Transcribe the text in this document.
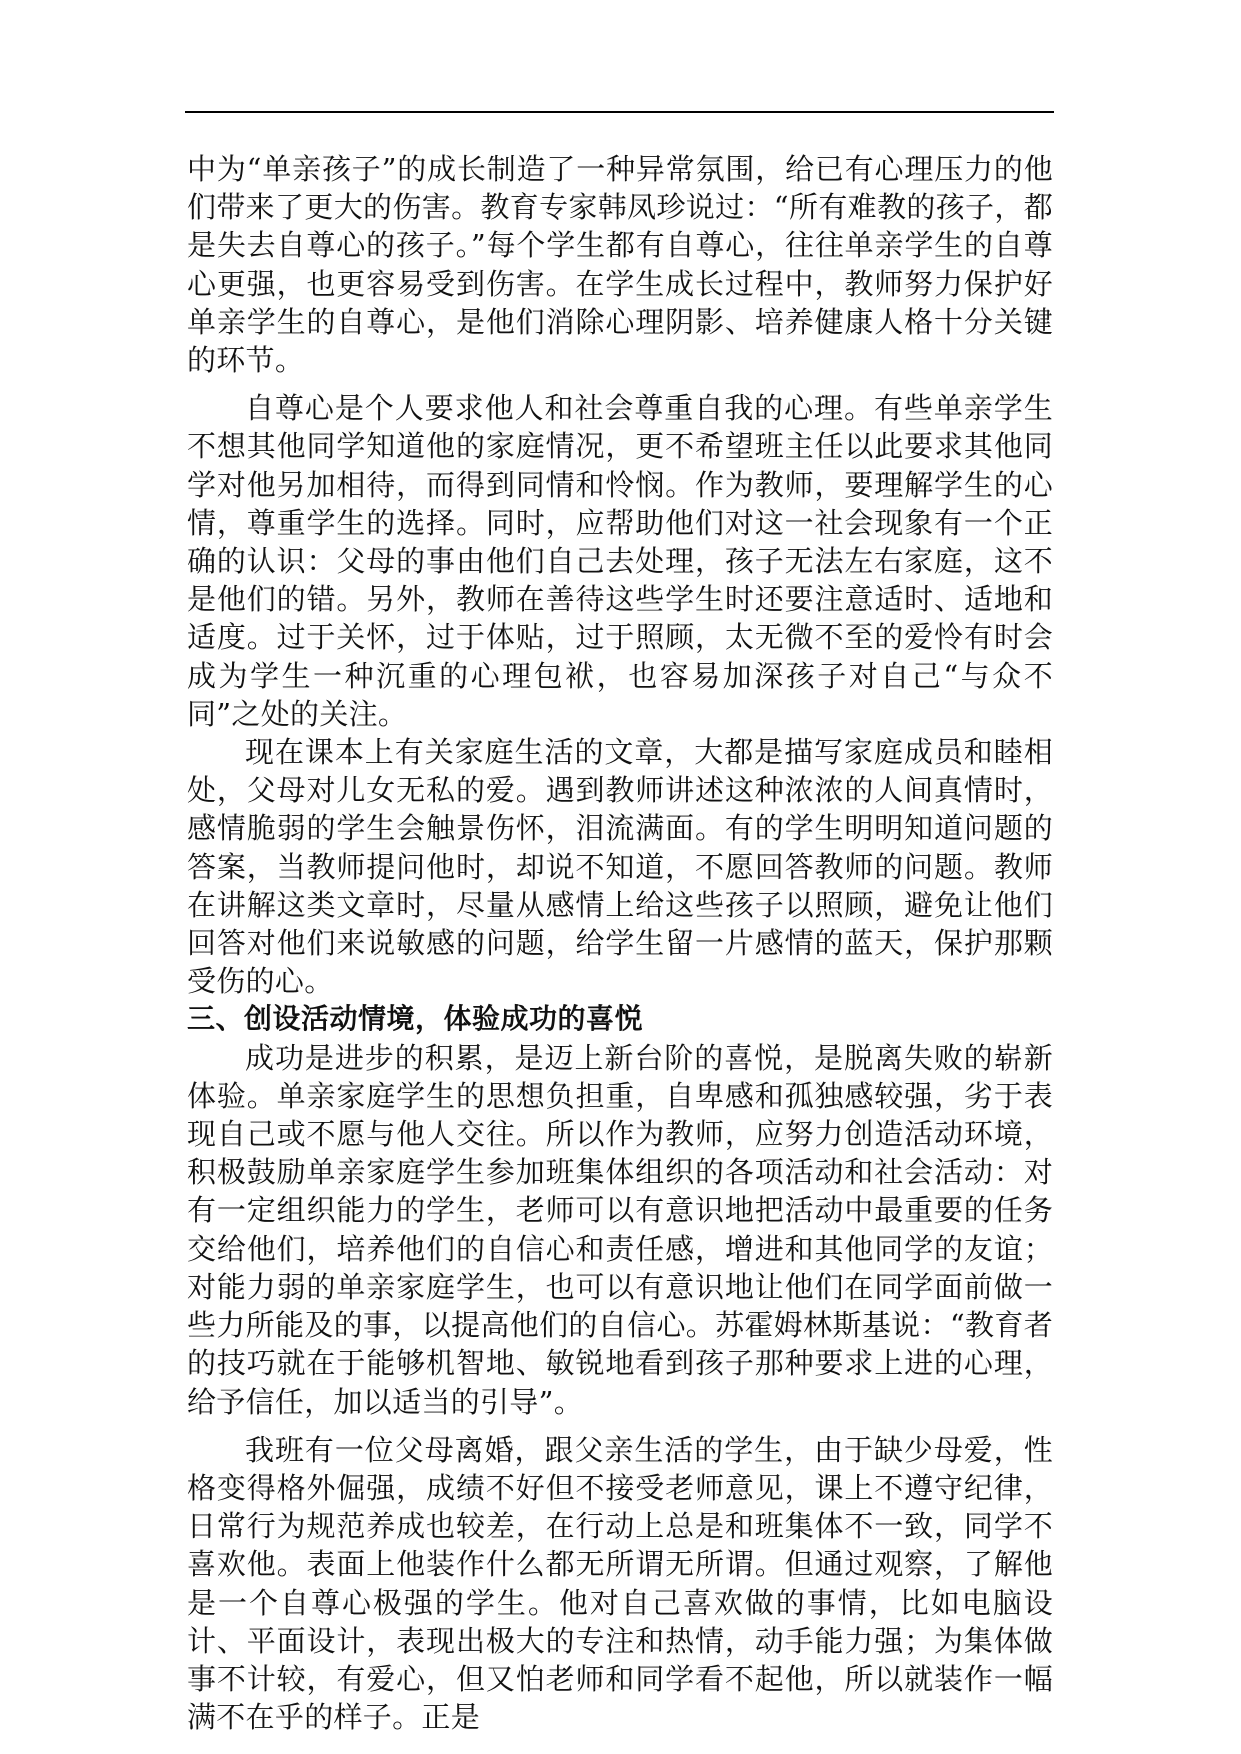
中为“单亲孩子”的成长制造了一种异常氛围，给已有心理压力的他们带来了更大的伤害。教育专家韩凤珍说过：“所有难教的孩子，都是失去自尊心的孩子。”每个学生都有自尊心，往往单亲学生的自尊心更强，也更容易受到伤害。在学生成长过程中，教师努力保护好单亲学生的自尊心，是他们消除心理阴影、培养健康人格十分关键的环节。

自尊心是个人要求他人和社会尊重自我的心理。有些单亲学生不想其他同学知道他的家庭情况，更不希望班主任以此要求其他同学对他另加相待，而得到同情和怜悯。作为教师，要理解学生的心情，尊重学生的选择。同时，应帮助他们对这一社会现象有一个正确的认识：父母的事由他们自己去处理，孩子无法左右家庭，这不是他们的错。另外，教师在善待这些学生时还要注意适时、适地和适度。过于关怀，过于体贴，过于照顾，太无微不至的爱怜有时会成为学生一种沉重的心理包袱，也容易加深孩子对自己“与众不同”之处的关注。

现在课本上有关家庭生活的文章，大都是描写家庭成员和睦相处，父母对儿女无私的爱。遇到教师讲述这种浓浓的人间真情时，感情脆弱的学生会触景伤怀，泪流满面。有的学生明明知道问题的答案，当教师提问他时，却说不知道，不愿回答教师的问题。教师在讲解这类文章时，尽量从感情上给这些孩子以照顾，避免让他们回答对他们来说敏感的问题，给学生留一片感情的蓝天，保护那颗受伤的心。

三、创设活动情境，体验成功的喜悦

成功是进步的积累，是迈上新台阶的喜悦，是脱离失败的崭新体验。单亲家庭学生的思想负担重，自卑感和孤独感较强，劣于表现自己或不愿与他人交往。所以作为教师，应努力创造活动环境，积极鼓励单亲家庭学生参加班集体组织的各项活动和社会活动：对有一定组织能力的学生，老师可以有意识地把活动中最重要的任务交给他们，培养他们的自信心和责任感，增进和其他同学的友谊；对能力弱的单亲家庭学生，也可以有意识地让他们在同学面前做一些力所能及的事，以提高他们的自信心。苏霍姆林斯基说：“教育者的技巧就在于能够机智地、敏锐地看到孩子那种要求上进的心理，给予信任，加以适当的引导”。

我班有一位父母离婚，跟父亲生活的学生，由于缺少母爱，性格变得格外倔强，成绩不好但不接受老师意见，课上不遵守纪律，日常行为规范养成也较差，在行动上总是和班集体不一致，同学不喜欢他。表面上他装作什么都无所谓无所谓。但通过观察，了解他是一个自尊心极强的学生。他对自己喜欢做的事情，比如电脑设计、平面设计，表现出极大的专注和热情，动手能力强；为集体做事不计较，有爱心，但又怕老师和同学看不起他，所以就装作一幅满不在乎的样子。正是
